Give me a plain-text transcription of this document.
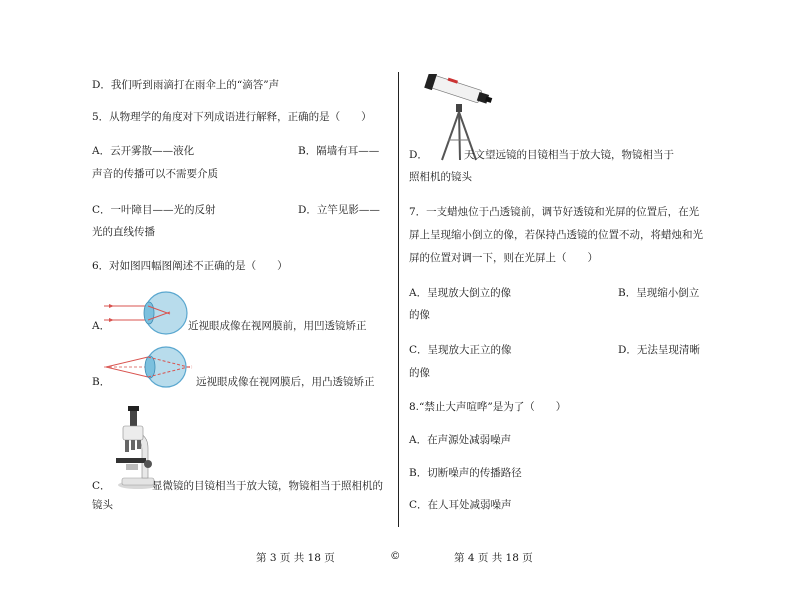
D．我们听到雨滴打在雨伞上的“滴答”声
5．从物理学的角度对下列成语进行解释，正确的是（　　）
A．云开雾散——液化	B．隔墙有耳——
声音的传播可以不需要介质
C．一叶障目——光的反射	D．立竿见影——
光的直线传播
6．对如图四幅图阐述不正确的是（　　）
A．	近视眼成像在视网膜前，用凹透镜矫正
B．	远视眼成像在视网膜后，用凸透镜矫正
C．	显微镜的目镜相当于放大镜，物镜相当于照相机的
镜头
D．	天文望远镜的目镜相当于放大镜，物镜相当于
照相机的镜头
7．一支蜡烛位于凸透镜前，调节好透镜和光屏的位置后，在光
屏上呈现缩小倒立的像，若保持凸透镜的位置不动，将蜡烛和光
屏的位置对调一下，则在光屏上（　　）
A．呈现放大倒立的像	B．呈现缩小倒立
的像
C．呈现放大正立的像	D．无法呈现清晰
的像
8.“禁止大声喧哗”是为了（　　）
A．在声源处减弱噪声
B．切断噪声的传播路径
C．在人耳处减弱噪声
第 3 页 共 18 页	©	第 4 页 共 18 页
